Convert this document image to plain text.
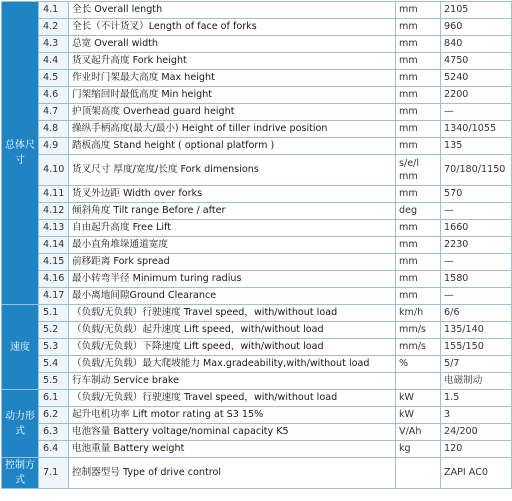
总体尺寸	4.1	全长 Overall length	mm	2105
	4.2	全长（不计货叉）Length of face of forks	mm	960
	4.3	总宽 Overall width	mm	840
	4.4	货叉起升高度 Fork height	mm	4750
	4.5	作业时门架最大高度 Max height	mm	5240
	4.6	门架缩回时最低高度 Min height	mm	2200
	4.7	护顶架高度 Overhead guard height	mm	—
	4.8	操纵手柄高度(最大/最小) Height of tiller indrive position	mm	1340/1055
	4.9	踏板高度 Stand height ( optional platform )	mm	135
	4.10	货叉尺寸 厚度/宽度/长度 Fork dimensions	s/e/l mm	70/180/1150
	4.11	货叉外边距 Width over forks	mm	570
	4.12	倾斜角度 Tilt range Before / after	deg	—
	4.13	自由起升高度 Free Lift	mm	1660
	4.14	最小直角堆垛通道宽度	mm	2230
	4.15	前移距离 Fork spread	mm	—
	4.16	最小转弯半径 Minimum turing radius	mm	1580
	4.17	最小离地间隙Ground Clearance	mm	—
速度	5.1	（负载/无负载）行驶速度 Travel speed，with/without load	km/h	6/6
	5.2	（负载/无负载）起升速度 Lift speed，with/without load	mm/s	135/140
	5.3	（负载/无负载）下降速度 Lift speed，with/without load	mm/s	155/150
	5.4	（负载/无负载）最大爬坡能力 Max.gradeability,with/without load	%	5/7
	5.5	行车制动 Service brake		电磁制动
动力形式	6.1	（负载/无负载）行驶速度 Travel speed，with/without load	kW	1.5
	6.2	起升电机功率 Lift motor rating at S3 15%	kW	3
	6.3	电池容量 Battery voltage/nominal capacity K5	V/Ah	24/200
	6.4	电池重量 Battery weight	kg	120
控制方式	7.1	控制器型号 Type of drive control		ZAPI AC0
